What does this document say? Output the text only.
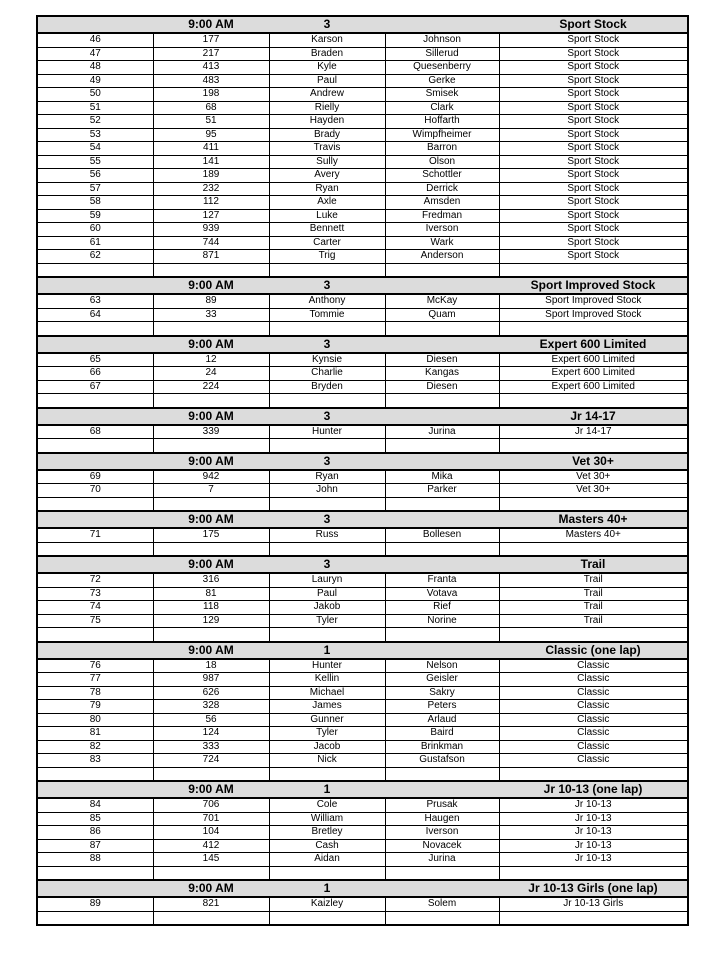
	9:00 AM	3		Sport Stock
46	177	Karson	Johnson	Sport Stock
47	217	Braden	Sillerud	Sport Stock
48	413	Kyle	Quesenberry	Sport Stock
49	483	Paul	Gerke	Sport Stock
50	198	Andrew	Smisek	Sport Stock
51	68	Rielly	Clark	Sport Stock
52	51	Hayden	Hoffarth	Sport Stock
53	95	Brady	Wimpfheimer	Sport Stock
54	411	Travis	Barron	Sport Stock
55	141	Sully	Olson	Sport Stock
56	189	Avery	Schottler	Sport Stock
57	232	Ryan	Derrick	Sport Stock
58	112	Axle	Amsden	Sport Stock
59	127	Luke	Fredman	Sport Stock
60	939	Bennett	Iverson	Sport Stock
61	744	Carter	Wark	Sport Stock
62	871	Trig	Anderson	Sport Stock

	9:00 AM	3		Sport Improved Stock
63	89	Anthony	McKay	Sport Improved Stock
64	33	Tommie	Quam	Sport Improved Stock

	9:00 AM	3		Expert 600 Limited
65	12	Kynsie	Diesen	Expert 600 Limited
66	24	Charlie	Kangas	Expert 600 Limited
67	224	Bryden	Diesen	Expert 600 Limited

	9:00 AM	3		Jr 14-17
68	339	Hunter	Jurina	Jr 14-17

	9:00 AM	3		Vet 30+
69	942	Ryan	Mika	Vet 30+
70	7	John	Parker	Vet 30+

	9:00 AM	3		Masters 40+
71	175	Russ	Bollesen	Masters 40+

	9:00 AM	3		Trail
72	316	Lauryn	Franta	Trail
73	81	Paul	Votava	Trail
74	118	Jakob	Rief	Trail
75	129	Tyler	Norine	Trail

	9:00 AM	1		Classic (one lap)
76	18	Hunter	Nelson	Classic
77	987	Kellin	Geisler	Classic
78	626	Michael	Sakry	Classic
79	328	James	Peters	Classic
80	56	Gunner	Arlaud	Classic
81	124	Tyler	Baird	Classic
82	333	Jacob	Brinkman	Classic
83	724	Nick	Gustafson	Classic

	9:00 AM	1		Jr 10-13 (one lap)
84	706	Cole	Prusak	Jr 10-13
85	701	William	Haugen	Jr 10-13
86	104	Bretley	Iverson	Jr 10-13
87	412	Cash	Novacek	Jr 10-13
88	145	Aidan	Jurina	Jr 10-13

	9:00 AM	1		Jr 10-13 Girls (one lap)
89	821	Kaizley	Solem	Jr 10-13 Girls
